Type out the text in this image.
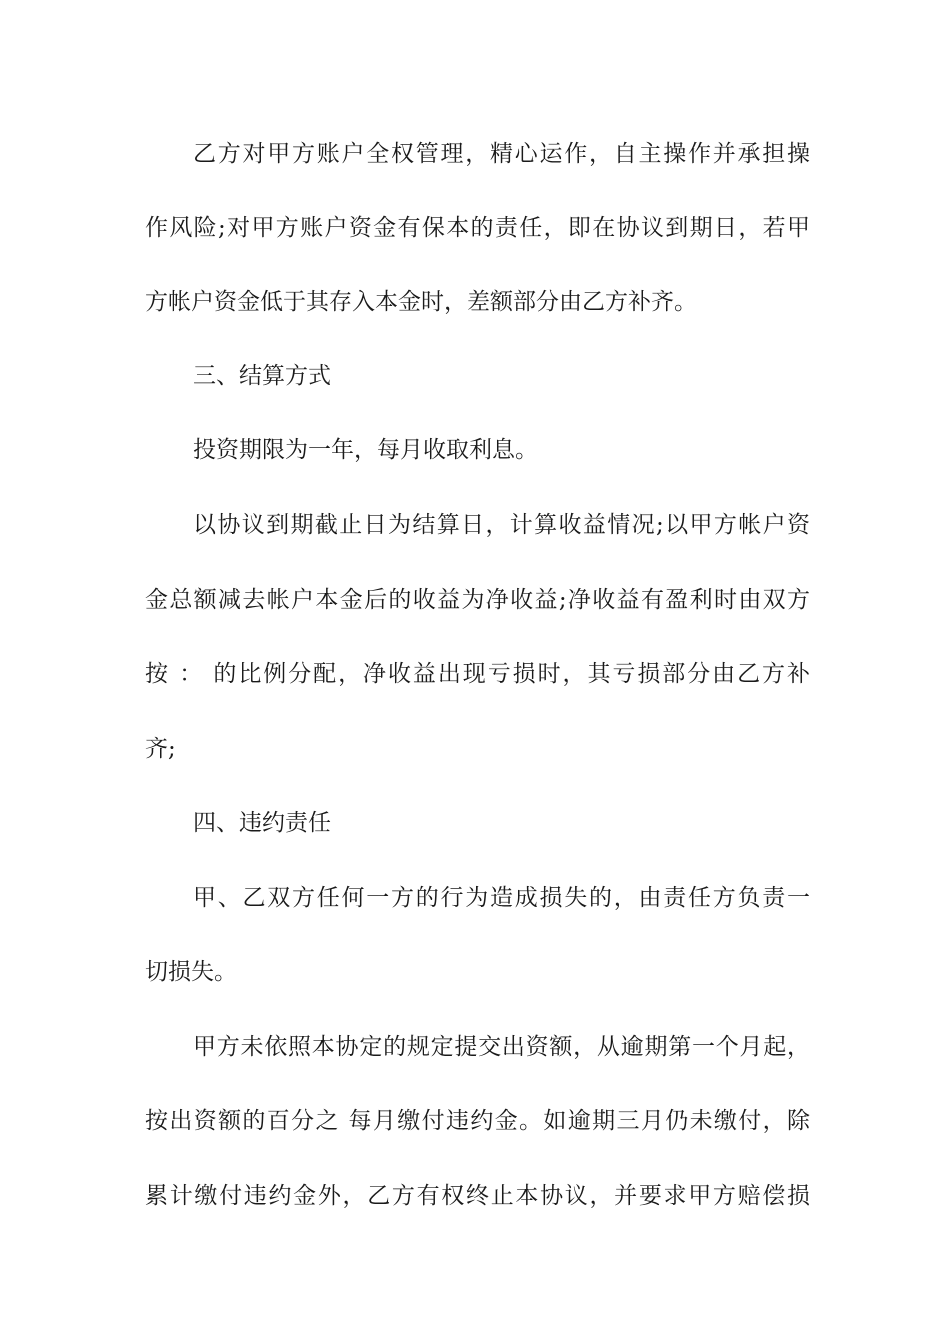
乙方对甲方账户全权管理，精心运作，自主操作并承担操
作风险;对甲方账户资金有保本的责任，即在协议到期日，若甲
方帐户资金低于其存入本金时，差额部分由乙方补齐。
三、结算方式
投资期限为一年，每月收取利息。
以协议到期截止日为结算日，计算收益情况;以甲方帐户资
金总额减去帐户本金后的收益为净收益;净收益有盈利时由双方
按 ： 的比例分配，净收益出现亏损时，其亏损部分由乙方补
齐;
四、违约责任
甲、乙双方任何一方的行为造成损失的，由责任方负责一
切损失。
甲方未依照本协定的规定提交出资额，从逾期第一个月起，
按出资额的百分之 每月缴付违约金。如逾期三月仍未缴付，除
累计缴付违约金外，乙方有权终止本协议，并要求甲方赔偿损
